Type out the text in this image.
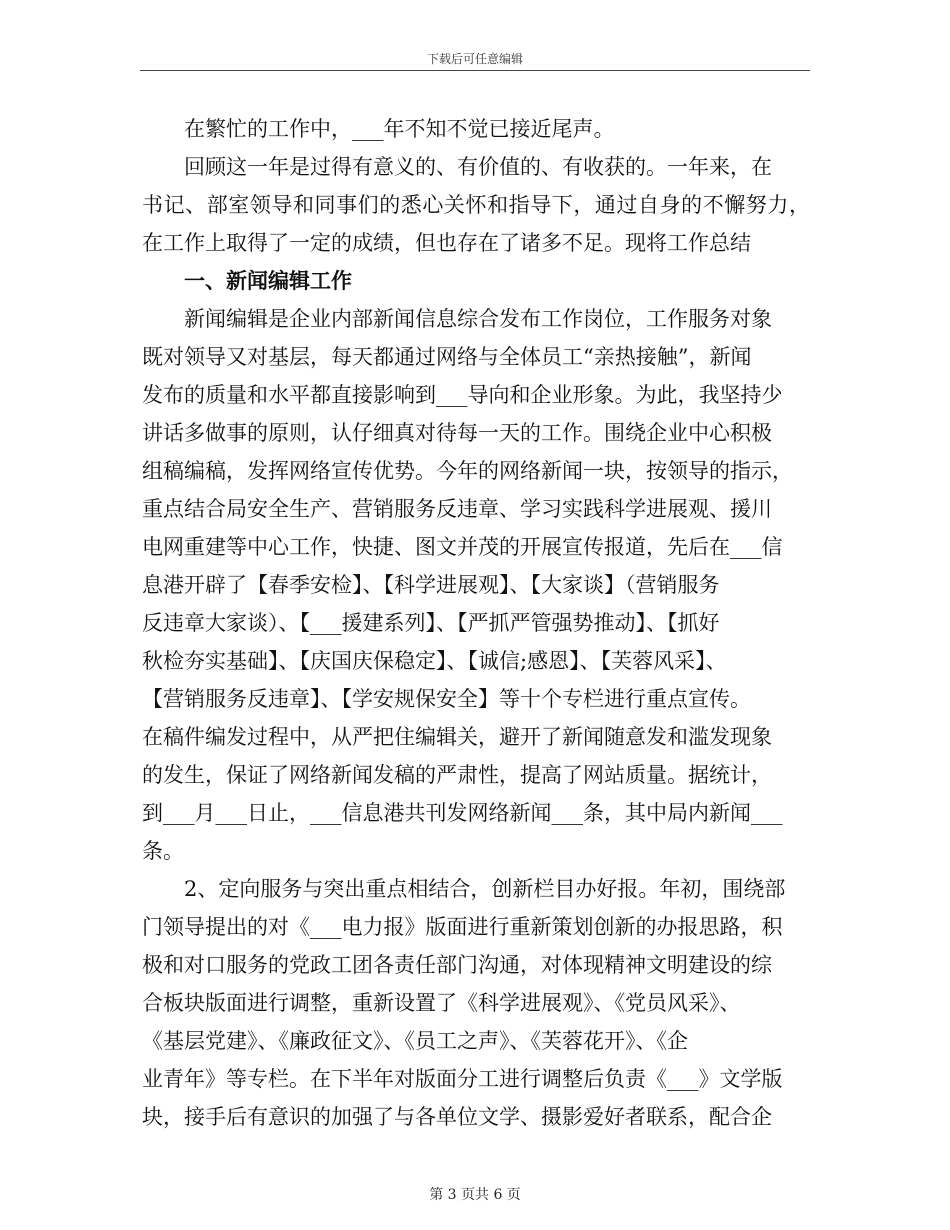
下载后可任意编辑
在繁忙的工作中，___年不知不觉已接近尾声。
回顾这一年是过得有意义的、有价值的、有收获的。一年来，在
书记、部室领导和同事们的悉心关怀和指导下，通过自身的不懈努力，
在工作上取得了一定的成绩，但也存在了诸多不足。现将工作总结
一、新闻编辑工作
新闻编辑是企业内部新闻信息综合发布工作岗位，工作服务对象
既对领导又对基层，每天都通过网络与全体员工“亲热接触”，新闻
发布的质量和水平都直接影响到___导向和企业形象。为此，我坚持少
讲话多做事的原则，认仔细真对待每一天的工作。围绕企业中心积极
组稿编稿，发挥网络宣传优势。今年的网络新闻一块，按领导的指示，
重点结合局安全生产、营销服务反违章、学习实践科学进展观、援川
电网重建等中心工作，快捷、图文并茂的开展宣传报道，先后在___信
息港开辟了【春季安检】、【科学进展观】、【大家谈】（营销服务
反违章大家谈）、【___援建系列】、【严抓严管强势推动】、【抓好
秋检夯实基础】、【庆国庆保稳定】、【诚信;感恩】、【芙蓉风采】、
【营销服务反违章】、【学安规保安全】等十个专栏进行重点宣传。
在稿件编发过程中，从严把住编辑关，避开了新闻随意发和滥发现象
的发生，保证了网络新闻发稿的严肃性，提高了网站质量。据统计，
到___月___日止，___信息港共刊发网络新闻___条，其中局内新闻___
条。
2、定向服务与突出重点相结合，创新栏目办好报。年初，围绕部
门领导提出的对《___电力报》版面进行重新策划创新的办报思路，积
极和对口服务的党政工团各责任部门沟通，对体现精神文明建设的综
合板块版面进行调整，重新设置了《科学进展观》、《党员风采》、
《基层党建》、《廉政征文》、《员工之声》、《芙蓉花开》、《企
业青年》等专栏。在下半年对版面分工进行调整后负责《___》文学版
块，接手后有意识的加强了与各单位文学、摄影爱好者联系，配合企
第 3 页共 6 页
